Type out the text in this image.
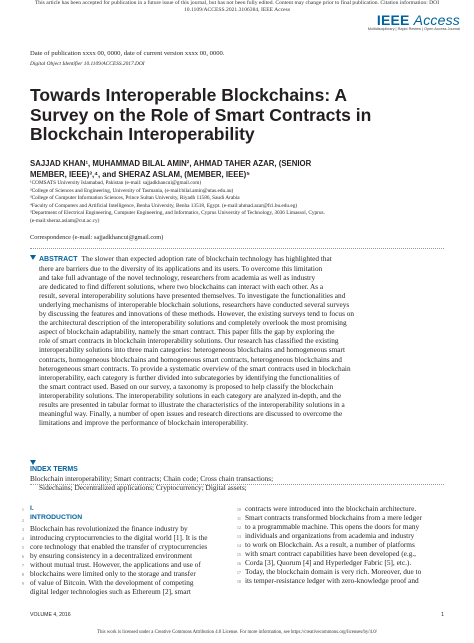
This article has been accepted for publication in a future issue of this journal, but has not been fully edited. Content may change prior to final publication. Citation information: DOI
10.1109/ACCESS.2021.3106384, IEEE Access
IEEE Access
Multidisciplinary | Rapid Review | Open Access Journal
Date of publication xxxx 00, 0000, date of current version xxxx 00, 0000.
Digital Object Identifier 10.1109/ACCESS.2017.DOI
Towards Interoperable Blockchains: A
Survey on the Role of Smart Contracts in
Blockchain Interoperability
SAJJAD KHAN¹, MUHAMMAD BILAL AMIN², AHMAD TAHER AZAR, (SENIOR
MEMBER, IEEE)³,⁴, and SHERAZ ASLAM, (MEMBER, IEEE)⁵
¹COMSATS University Islamabad, Pakistan (e-mail: sajjadkhancui@gmail.com)
²College of Sciences and Engineering, University of Tasmania, (e-mail:bilal.amin@utas.edu.au)
³College of Computer Information Sciences, Prince Sultan University, Riyadh 11586, Saudi Arabia
⁴Faculty of Computers and Artificial Intelligence, Benha University, Benha 13518, Egypt. (e-mail:ahmad.azar@fci.bu.edu.eg)
⁵Department of Electrical Engineering, Computer Engineering, and Informatics, Cyprus University of Technology, 3036 Limassol, Cyprus.
(e-mail:sheraz.aslam@cut.ac.cy)
Correspondence (e-mail: sajjadkhancui@gmail.com)
ABSTRACT The slower than expected adoption rate of blockchain technology has highlighted that
there are barriers due to the diversity of its applications and its users. To overcome this limitation
and take full advantage of the novel technology, researchers from academia as well as industry
are dedicated to find different solutions, where two blockchains can interact with each other. As a
result, several interoperability solutions have presented themselves. To investigate the functionalities and
underlying mechanisms of interoperable blockchain solutions, researchers have conducted several surveys
by discussing the features and innovations of these methods. However, the existing surveys tend to focus on
the architectural description of the interoperability solutions and completely overlook the most promising
aspect of blockchain adaptability, namely the smart contract. This paper fills the gap by exploring the
role of smart contracts in blockchain interoperability solutions. Our research has classified the existing
interoperability solutions into three main categories: heterogeneous blockchains and homogeneous smart
contracts, homogeneous blockchains and homogeneous smart contracts, heterogeneous blockchains and
heterogeneous smart contracts. To provide a systematic overview of the smart contracts used in blockchain
interoperability, each category is further divided into subcategories by identifying the functionalities of
the smart contract used. Based on our survey, a taxonomy is proposed to help classify the blockchain
interoperability solutions. The interoperability solutions in each category are analyzed in-depth, and the
results are presented in tabular format to illustrate the characteristics of the interoperability solutions in a
meaningful way. Finally, a number of open issues and research directions are discussed to overcome the
limitations and improve the performance of blockchain interoperability.
INDEX TERMS
Blockchain interoperability; Smart contracts; Chain code; Cross chain transactions;
Sidechains; Decentralized applications; Cryptocurrency; Digital assets;
1
2
3
4
5
6
7
8
9
I.
INTRODUCTION
Blockchain has revolutionized the finance industry by
introducing cryptocurrencies to the digital world [1]. It is the
core technology that enabled the transfer of cryptocurrencies
by ensuring consistency in a decentralized environment
without mutual trust. However, the applications and use of
blockchains were limited only to the storage and transfer
of value of Bitcoin. With the development of competing
digital ledger technologies such as Ethereum [2], smart
10
11
12
13
14
15
16
17
18
contracts were introduced into the blockchain architecture.
Smart contracts transformed blockchains from a mere ledger
to a programmable machine. This opens the doors for many
individuals and organizations from academia and industry
to work on Blockchain. As a result, a number of platforms
with smart contract capabilities have been developed (e.g.,
Corda [3], Quorum [4] and Hyperledger Fabric [5], etc.).
Today, the blockchain domain is very rich. Moreover, due to
its temper-resistance ledger with zero-knowledge proof and
VOLUME 4, 2016	1
This work is licensed under a Creative Commons Attribution 4.0 License. For more information, see https://creativecommons.org/licenses/by/4.0/
